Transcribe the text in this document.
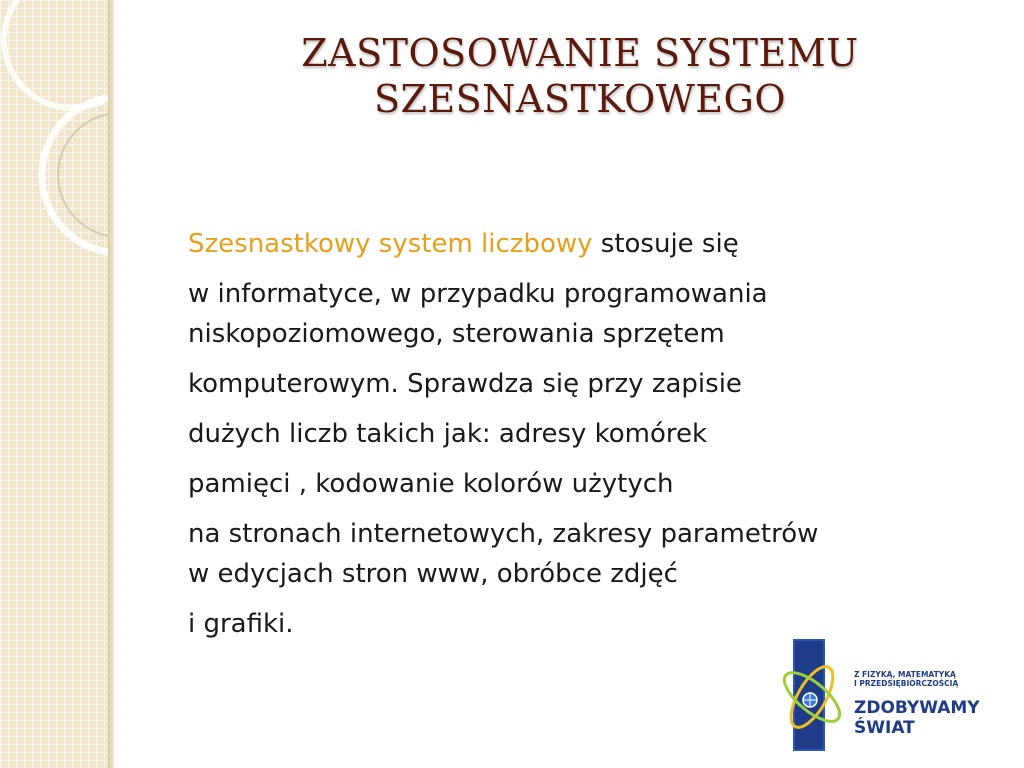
ZASTOSOWANIE SYSTEMU
SZESNASTKOWEGO
Szesnastkowy system liczbowy stosuje się
w informatyce, w przypadku programowania
niskopoziomowego, sterowania sprzętem
komputerowym. Sprawdza się przy zapisie
dużych liczb takich jak: adresy komórek
pamięci , kodowanie kolorów użytych
na stronach internetowych, zakresy parametrów
w edycjach stron www, obróbce zdjęć
i grafiki.
Z FIZYKĄ, MATEMATYKĄ
I PRZEDSIĘBIORCZOŚCIĄ
ZDOBYWAMY
ŚWIAT
